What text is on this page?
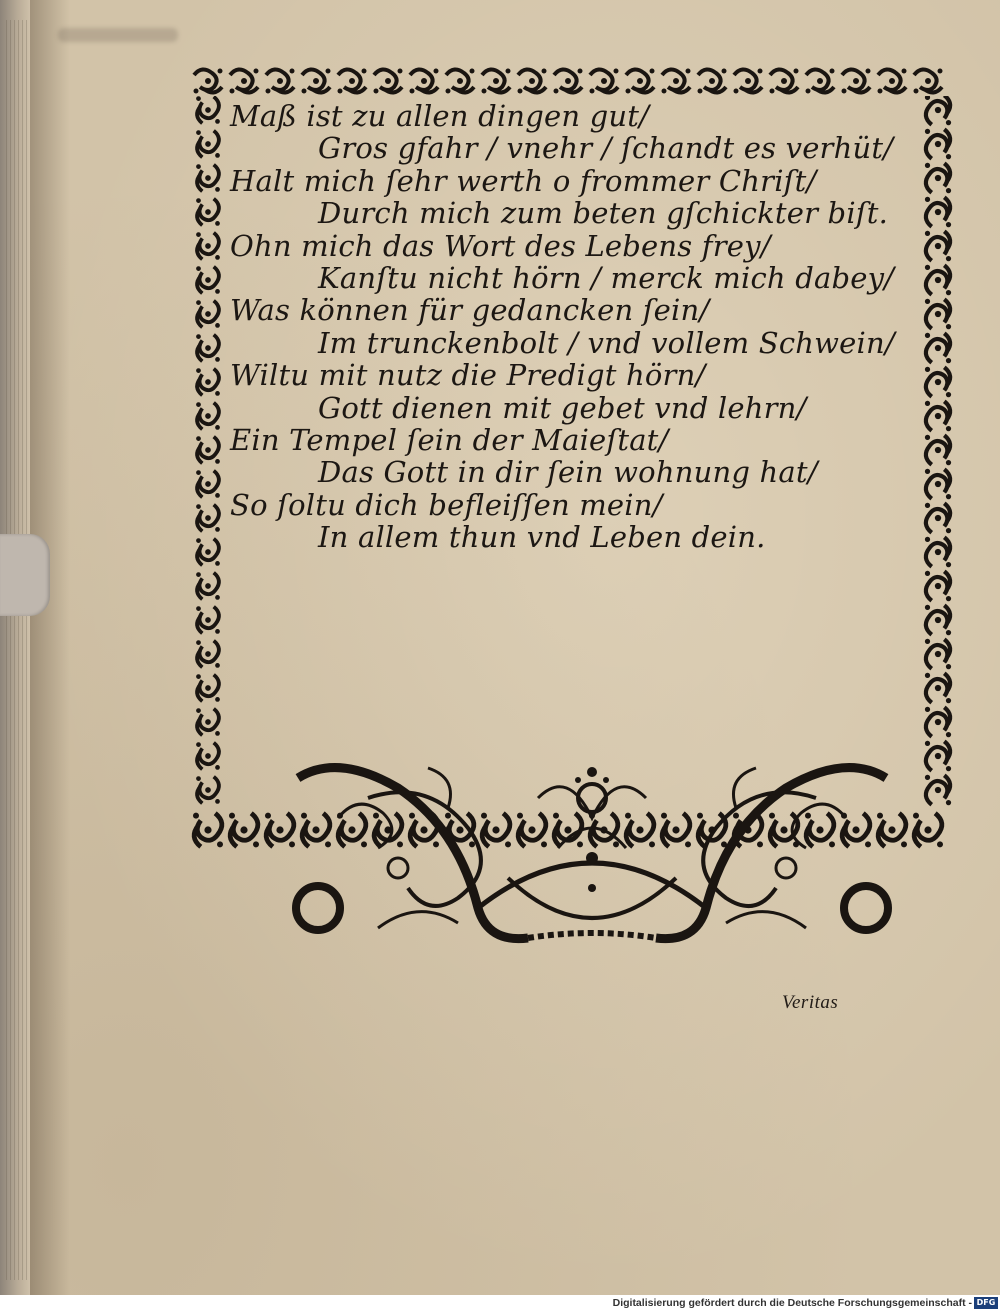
Maß ist zu allen dingen gut/
Gros gfahr / vnehr / ſchandt es verhüt/
Halt mich ſehr werth o frommer Chriſt/
Durch mich zum beten gſchickter biſt.
Ohn mich das Wort des Lebens frey/
Kanſtu nicht hörn / merck mich dabey/
Was können für gedancken ſein/
Im trunckenbolt / vnd vollem Schwein/
Wiltu mit nutz die Predigt hörn/
Gott dienen mit gebet vnd lehrn/
Ein Tempel ſein der Maieſtat/
Das Gott in dir ſein wohnung hat/
So ſoltu dich befleiſſen mein/
In allem thun vnd Leben dein.
Veritas
Digitalisierung gefördert durch die Deutsche Forschungsgemeinschaft - DFG
